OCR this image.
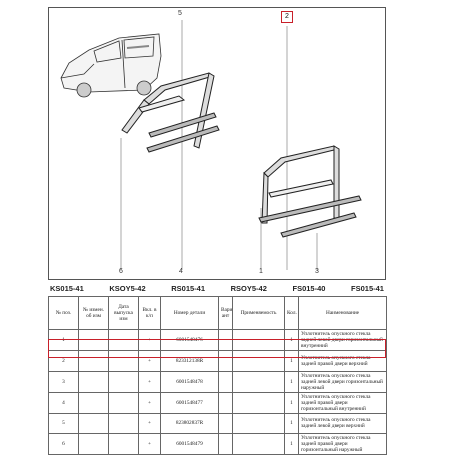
5	2
6	4	1	3
KS015-41	KSOY5-42	RS015-41	RSOY5-42	FS015-40	FS015-41
№ поз.	№ измен. об изм	Дата выпуска изм	Вкл. в к/п	Номер детали	Вари ант	Применяемость	Кол.	Наименование
1			+	6001548476			1	Уплотнитель опускного стекла задней левой двери горизонтальный внутренний
2			+	823312138R			1	Уплотнитель опускного стекла задней правой двери верхний
3			+	6001548478			1	Уплотнитель опускного стекла задней левой двери горизонтальный наружный
4			+	6001548477			1	Уплотнитель опускного стекла задней правой двери горизонтальный внутренний
5			+	823802837R			1	Уплотнитель опускного стекла задней левой двери верхний
6			+	6001548479			1	Уплотнитель опускного стекла задней правой двери горизонтальный наружный
